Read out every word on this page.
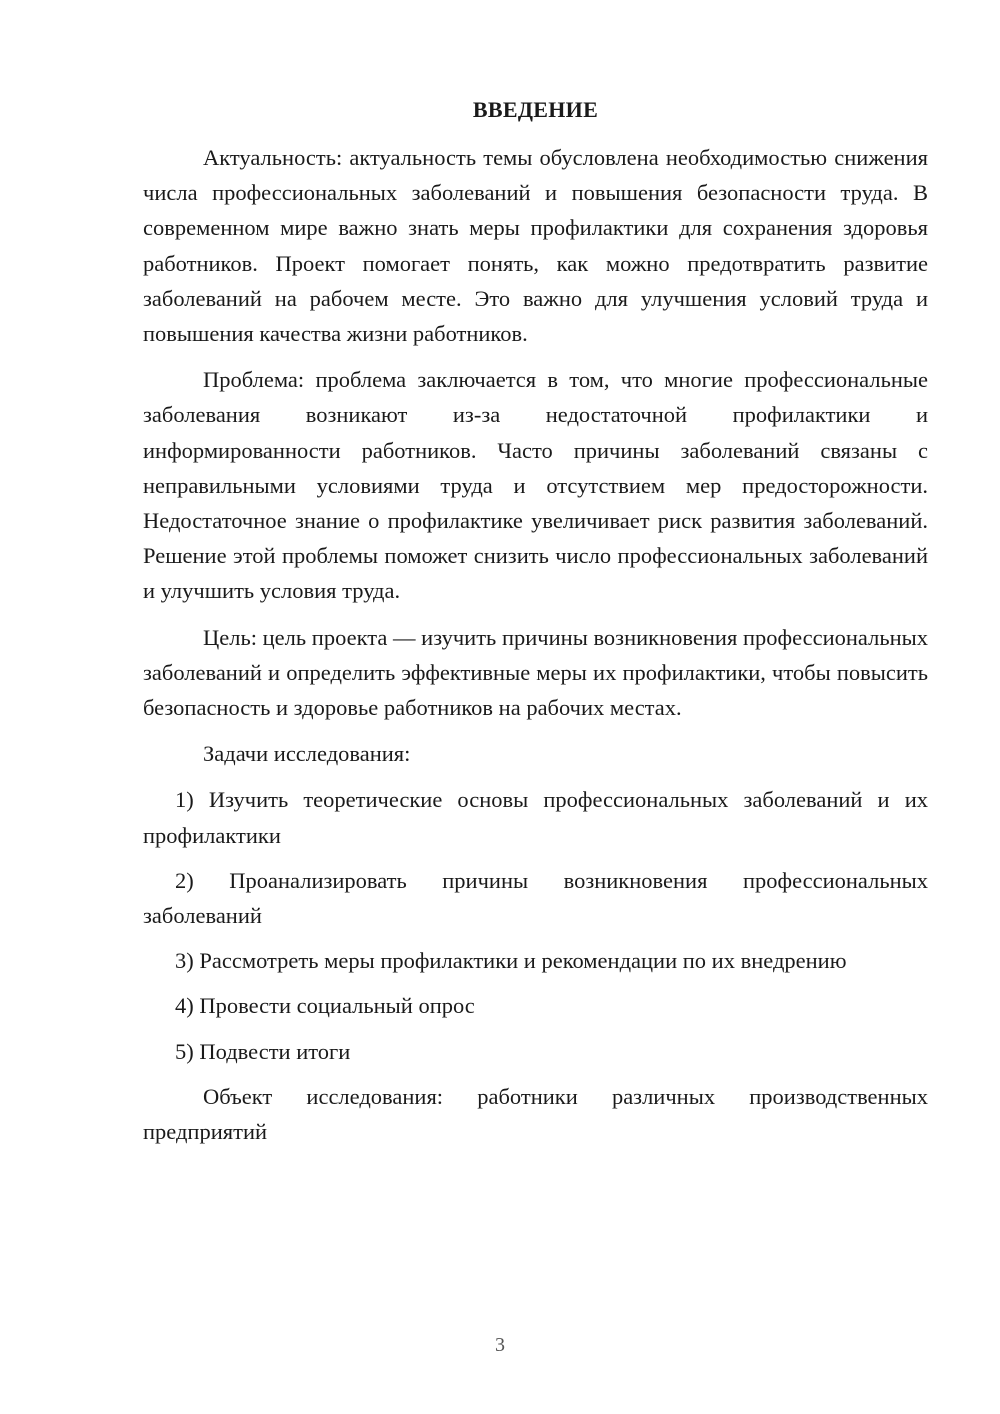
ВВЕДЕНИЕ

Актуальность: актуальность темы обусловлена необходимостью снижения числа профессиональных заболеваний и повышения безопасности труда. В современном мире важно знать меры профилактики для сохранения здоровья работников. Проект помогает понять, как можно предотвратить развитие заболеваний на рабочем месте. Это важно для улучшения условий труда и повышения качества жизни работников.

Проблема: проблема заключается в том, что многие профессиональные заболевания возникают из-за недостаточной профилактики и информированности работников. Часто причины заболеваний связаны с неправильными условиями труда и отсутствием мер предосторожности. Недостаточное знание о профилактике увеличивает риск развития заболеваний. Решение этой проблемы поможет снизить число профессиональных заболеваний и улучшить условия труда.

Цель: цель проекта — изучить причины возникновения профессиональных заболеваний и определить эффективные меры их профилактики, чтобы повысить безопасность и здоровье работников на рабочих местах.

Задачи исследования:

1) Изучить теоретические основы профессиональных заболеваний и их профилактики

2) Проанализировать причины возникновения профессиональных заболеваний

3) Рассмотреть меры профилактики и рекомендации по их внедрению

4) Провести социальный опрос

5) Подвести итоги

Объект исследования: работники различных производственных предприятий

3
